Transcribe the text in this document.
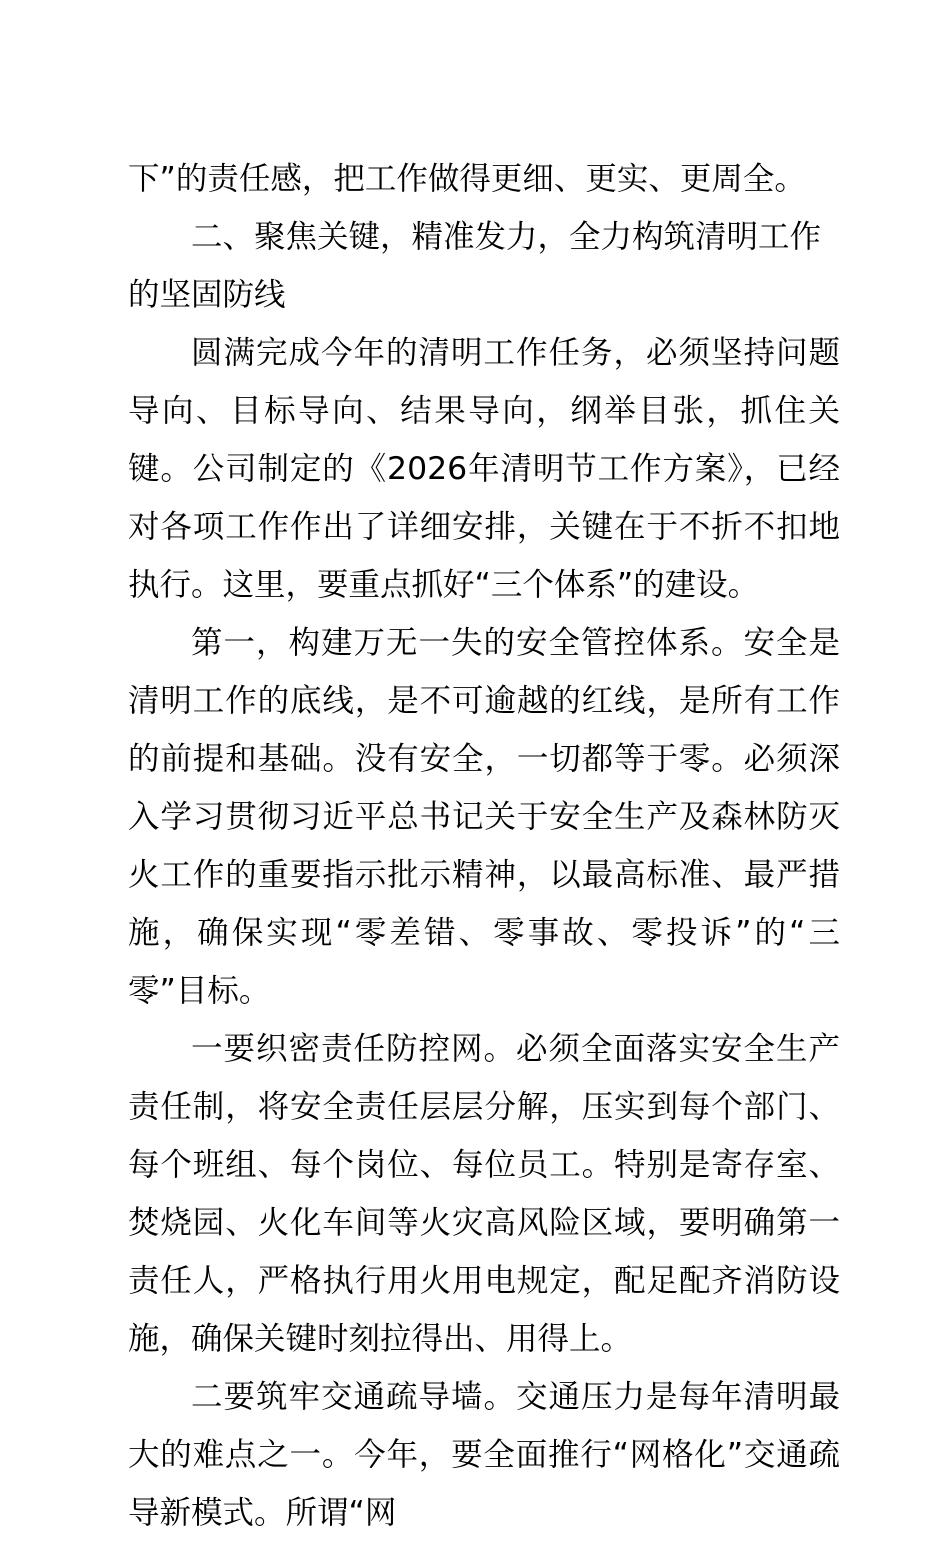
下”的责任感，把工作做得更细、更实、更周全。

二、聚焦关键，精准发力，全力构筑清明工作的坚固防线

圆满完成今年的清明工作任务，必须坚持问题导向、目标导向、结果导向，纲举目张，抓住关键。公司制定的《2026年清明节工作方案》，已经对各项工作作出了详细安排，关键在于不折不扣地执行。这里，要重点抓好“三个体系”的建设。

第一，构建万无一失的安全管控体系。安全是清明工作的底线，是不可逾越的红线，是所有工作的前提和基础。没有安全，一切都等于零。必须深入学习贯彻习近平总书记关于安全生产及森林防灭火工作的重要指示批示精神，以最高标准、最严措施，确保实现“零差错、零事故、零投诉”的“三零”目标。

一要织密责任防控网。必须全面落实安全生产责任制，将安全责任层层分解，压实到每个部门、每个班组、每个岗位、每位员工。特别是寄存室、焚烧园、火化车间等火灾高风险区域，要明确第一责任人，严格执行用火用电规定，配足配齐消防设施，确保关键时刻拉得出、用得上。

二要筑牢交通疏导墙。交通压力是每年清明最大的难点之一。今年，要全面推行“网格化”交通疏导新模式。所谓“网
